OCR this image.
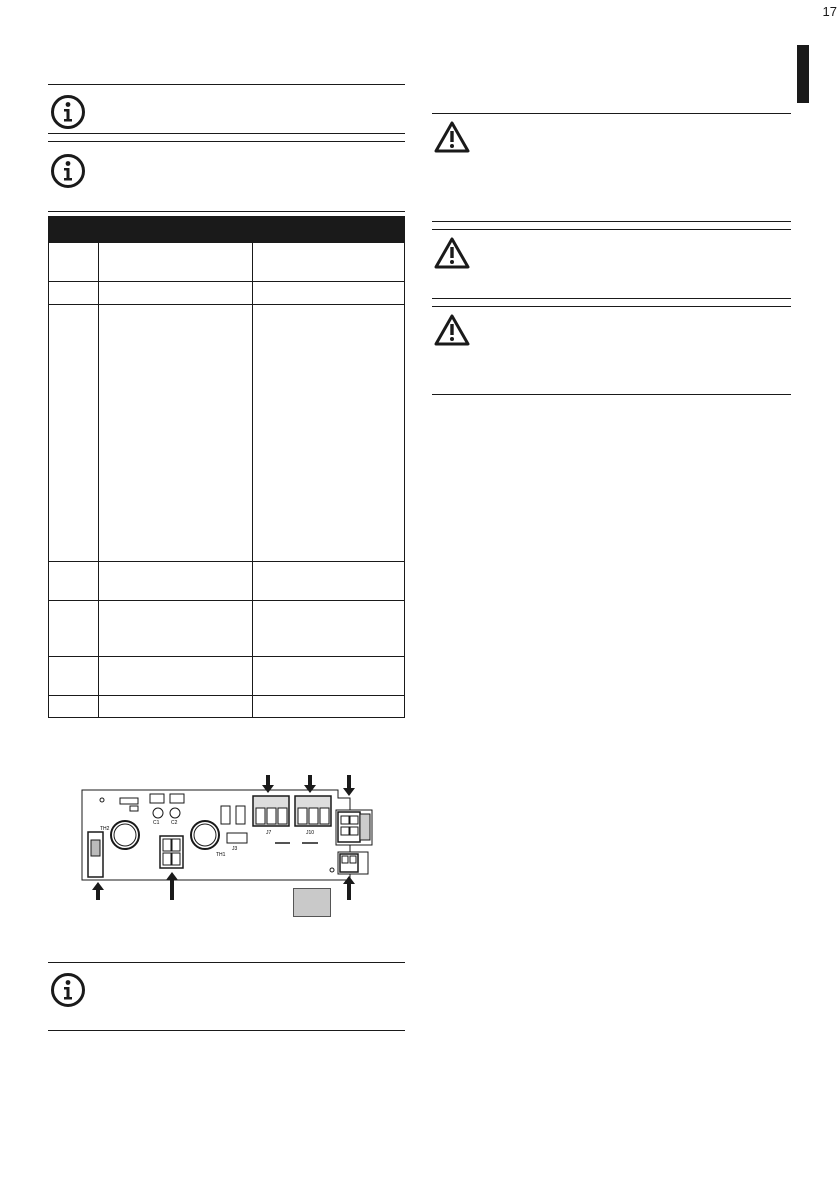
17

C1 C2
TH2
TH1
J3
J7	J10
